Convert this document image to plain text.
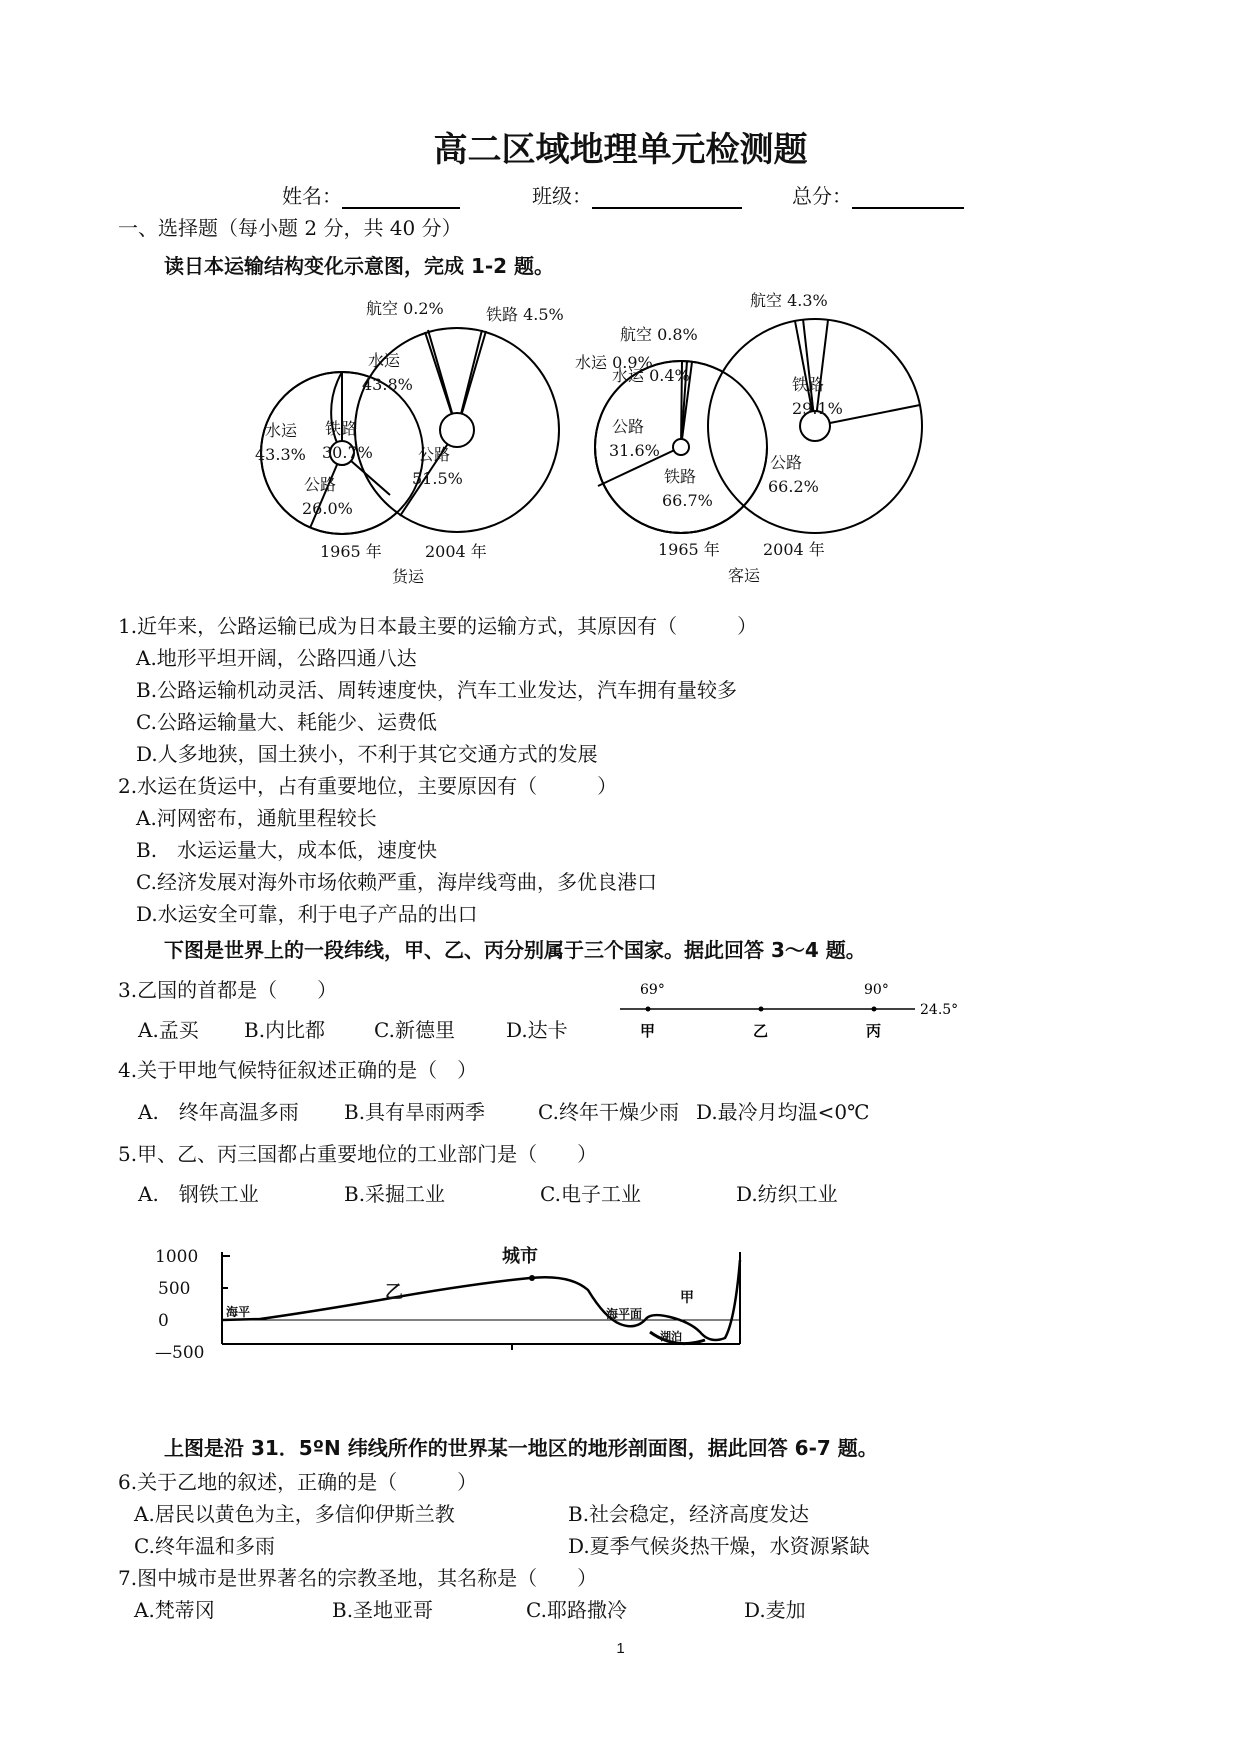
高二区域地理单元检测题
姓名：	班级：	总分：
一、选择题（每小题 2 分，共 40 分）
读日本运输结构变化示意图，完成 1-2 题。
水运
43.3%
铁路
30.7%
公路
26.0%
水运
43.8%
公路
51.5%
航空 0.2%	铁路 4.5%
1965 年	2004 年
货运
水运 0.4%
航空 4.3%
航空 0.8%
水运 0.9%
公路
31.6%
铁路
66.7%
铁路
29.1%
公路
66.2%
1965 年	2004 年
客运
1.近年来，公路运输已成为日本最主要的运输方式，其原因有（　　　）
A.地形平坦开阔，公路四通八达
B.公路运输机动灵活、周转速度快，汽车工业发达，汽车拥有量较多
C.公路运输量大、耗能少、运费低
D.人多地狭，国土狭小，不利于其它交通方式的发展
2.水运在货运中，占有重要地位，主要原因有（　　　）
A.河网密布，通航里程较长
B.　水运运量大，成本低，速度快
C.经济发展对海外市场依赖严重，海岸线弯曲，多优良港口
D.水运安全可靠，利于电子产品的出口
下图是世界上的一段纬线，甲、乙、丙分别属于三个国家。据此回答 3～4 题。
3.乙国的首都是（　　）
A.孟买 B.内比都 C.新德里	D.达卡
69°	90°
24.5°
甲	乙	丙
4.关于甲地气候特征叙述正确的是（　）
A.　终年高温多雨 B.具有旱雨两季	C.终年干燥少雨 D.最冷月均温<0℃
5.甲、乙、丙三国都占重要地位的工业部门是（　　）
A.　钢铁工业	B.采掘工业	C.电子工业	D.纺织工业
1000
500
0
—500
城市
乙	甲
海平	海平面
湖泊
上图是沿 31．5ºN 纬线所作的世界某一地区的地形剖面图，据此回答 6-7 题。
6.关于乙地的叙述，正确的是（　　　）
A.居民以黄色为主，多信仰伊斯兰教	B.社会稳定，经济高度发达
C.终年温和多雨	D.夏季气候炎热干燥，水资源紧缺
7.图中城市是世界著名的宗教圣地，其名称是（　　）
A.梵蒂冈	B.圣地亚哥	C.耶路撒冷	D.麦加
1
